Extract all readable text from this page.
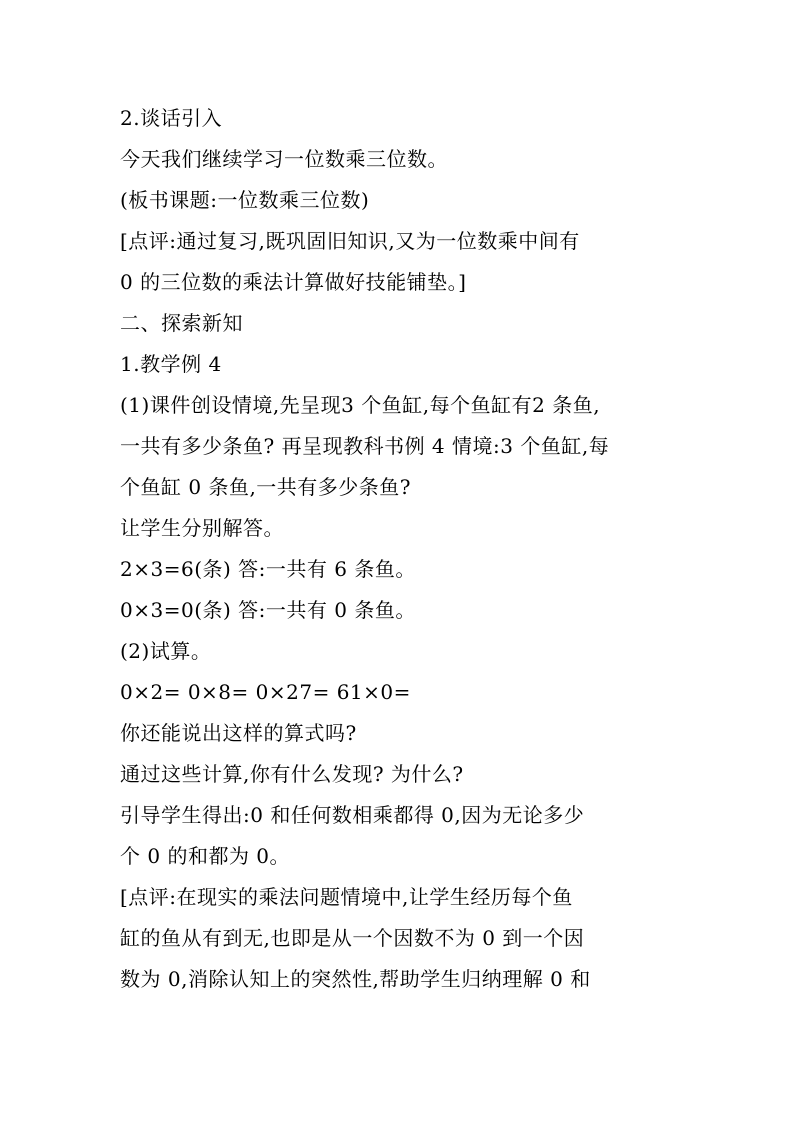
2.谈话引入
今天我们继续学习一位数乘三位数。
(板书课题:一位数乘三位数)
[点评:通过复习,既巩固旧知识,又为一位数乘中间有
0 的三位数的乘法计算做好技能铺垫。]
二、探索新知
1.教学例 4
(1)课件创设情境,先呈现3 个鱼缸,每个鱼缸有2 条鱼,
一共有多少条鱼? 再呈现教科书例 4 情境:3 个鱼缸,每
个鱼缸 0 条鱼,一共有多少条鱼?
让学生分别解答。
2×3=6(条) 答:一共有 6 条鱼。
0×3=0(条) 答:一共有 0 条鱼。
(2)试算。
0×2= 0×8= 0×27= 61×0=
你还能说出这样的算式吗?
通过这些计算,你有什么发现? 为什么?
引导学生得出:0 和任何数相乘都得 0,因为无论多少
个 0 的和都为 0。
[点评:在现实的乘法问题情境中,让学生经历每个鱼
缸的鱼从有到无,也即是从一个因数不为 0 到一个因
数为 0,消除认知上的突然性,帮助学生归纳理解 0 和
